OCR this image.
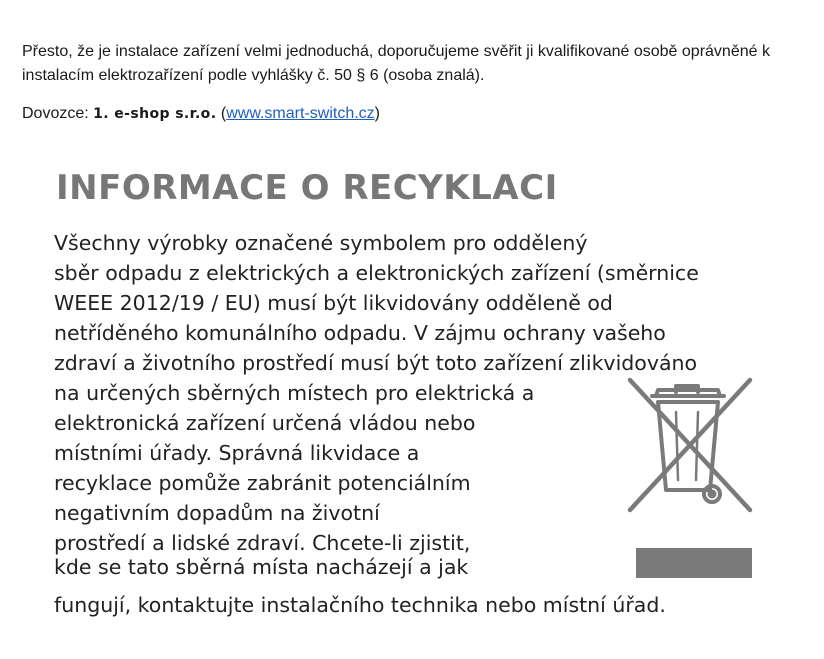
Přesto, že je instalace zařízení velmi jednoduchá, doporučujeme svěřit ji kvalifikované osobě oprávněné k instalacím elektrozařízení podle vyhlášky č. 50 § 6 (osoba znalá).

Dovozce: 1. e-shop s.r.o. (www.smart-switch.cz)

INFORMACE O RECYKLACI
Všechny výrobky označené symbolem pro oddělený
sběr odpadu z elektrických a elektronických zařízení (směrnice
WEEE 2012/19 / EU) musí být likvidovány odděleně od
netříděného komunálního odpadu. V zájmu ochrany vašeho
zdraví a životního prostředí musí být toto zařízení zlikvidováno
na určených sběrných místech pro elektrická a
elektronická zařízení určená vládou nebo
místními úřady. Správná likvidace a
recyklace pomůže zabránit potenciálním
negativním dopadům na životní
prostředí a lidské zdraví. Chcete-li zjistit,
kde se tato sběrná místa nacházejí a jak
fungují, kontaktujte instalačního technika nebo místní úřad.
